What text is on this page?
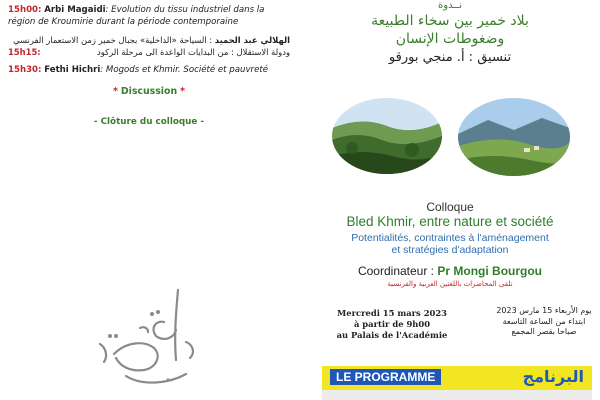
15h00: Arbi Magaidi: Evolution du tissu industriel dans la région de Kroumirie durant la période contemporaine
الهلالي عبد الحميد : السياحة «الداخلية» بجبال خمير زمن الاستعمار الفرنسي ودولة الاستقلال : من البدايات الواعدة الى مرحلة الركود
15h15:
15h30: Fethi Hichri: Mogods et Khmir. Société et pauvreté
* Discussion *
- Clôture du colloque -
نــدوة
بلاد خمير بين سخاء الطبيعة
وضغوطات الإنسان
تنسيق : أ. منجي بورقو
Colloque
Bled Khmir, entre nature et société
Potentialités, contraintes à l'aménagement
et stratégies d'adaptation
Coordinateur : Pr Mongi Bourgou
تلقى المحاضرات باللغتين العربية والفرنسية
Mercredi 15 mars 2023
à partir de 9h00
au Palais de l'Académie
يوم الأربعاء 15 مارس 2023
ابتداء من الساعة التاسعة
صباحا بقصر المجمع
LE PROGRAMME	البرنامج
